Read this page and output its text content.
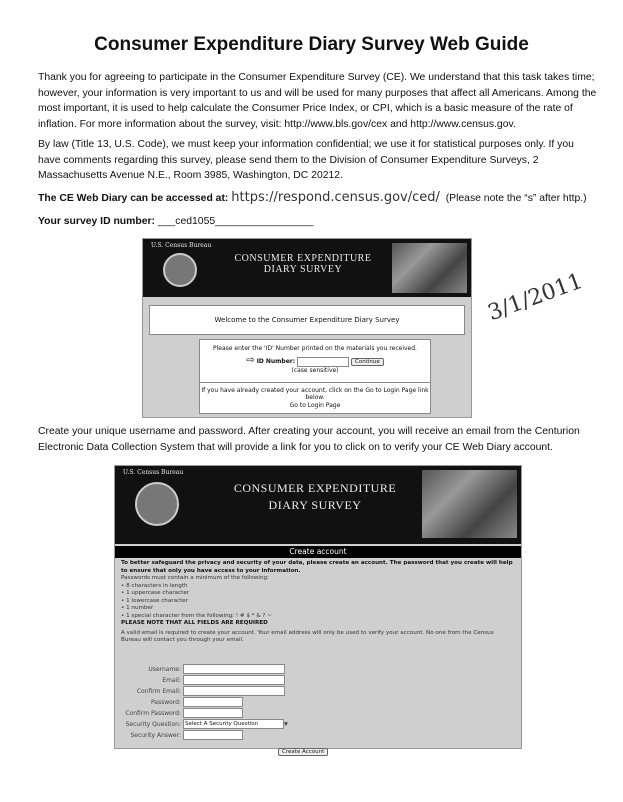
Consumer Expenditure Diary Survey Web Guide
Thank you for agreeing to participate in the Consumer Expenditure Survey (CE). We understand that this task takes time; however, your information is very important to us and will be used for many purposes that affect all Americans. Among the most important, it is used to help calculate the Consumer Price Index, or CPI, which is a basic measure of the rate of inflation. For more information about the survey, visit: http://www.bls.gov/cex and http://www.census.gov.
By law (Title 13, U.S. Code), we must keep your information confidential; we use it for statistical purposes only. If you have comments regarding this survey, please send them to the Division of Consumer Expenditure Surveys, 2 Massachusetts Avenue N.E., Room 3985, Washington, DC 20212.
The CE Web Diary can be accessed at: https://respond.census.gov/ced/ (Please note the “s” after http.)
Your survey ID number: ___ced1055_________________
3/1/2011
U.S. Census Bureau
CONSUMER EXPENDITURE
DIARY SURVEY
Welcome to the Consumer Expenditure Diary Survey
Please enter the 'ID' Number printed on the materials you received.
⇨ ID Number:	Continue
(case sensitive)
If you have already created your account, click on the Go to Login Page link below.
Go to Login Page
Create your unique username and password. After creating your account, you will receive an email from the Centurion Electronic Data Collection System that will provide a link for you to click on to verify your CE Web Diary account.
U.S. Census Bureau
CONSUMER EXPENDITURE
DIARY SURVEY
Create account
To better safeguard the privacy and security of your data, please create an account. The password that you create will help to ensure that only you have access to your information.
Passwords must contain a minimum of the following:
• 8 characters in length
• 1 uppercase character
• 1 lowercase character
• 1 number
• 1 special character from the following: ! # $ * & ? ~
PLEASE NOTE THAT ALL FIELDS ARE REQUIRED
A valid email is required to create your account. Your email address will only be used to verify your account. No one from the Census Bureau will contact you through your email.
Username:
Email:
Confirm Email:
Password:
Confirm Password:
Security Question: Select A Security Question	▼
Security Answer:
Create Account
